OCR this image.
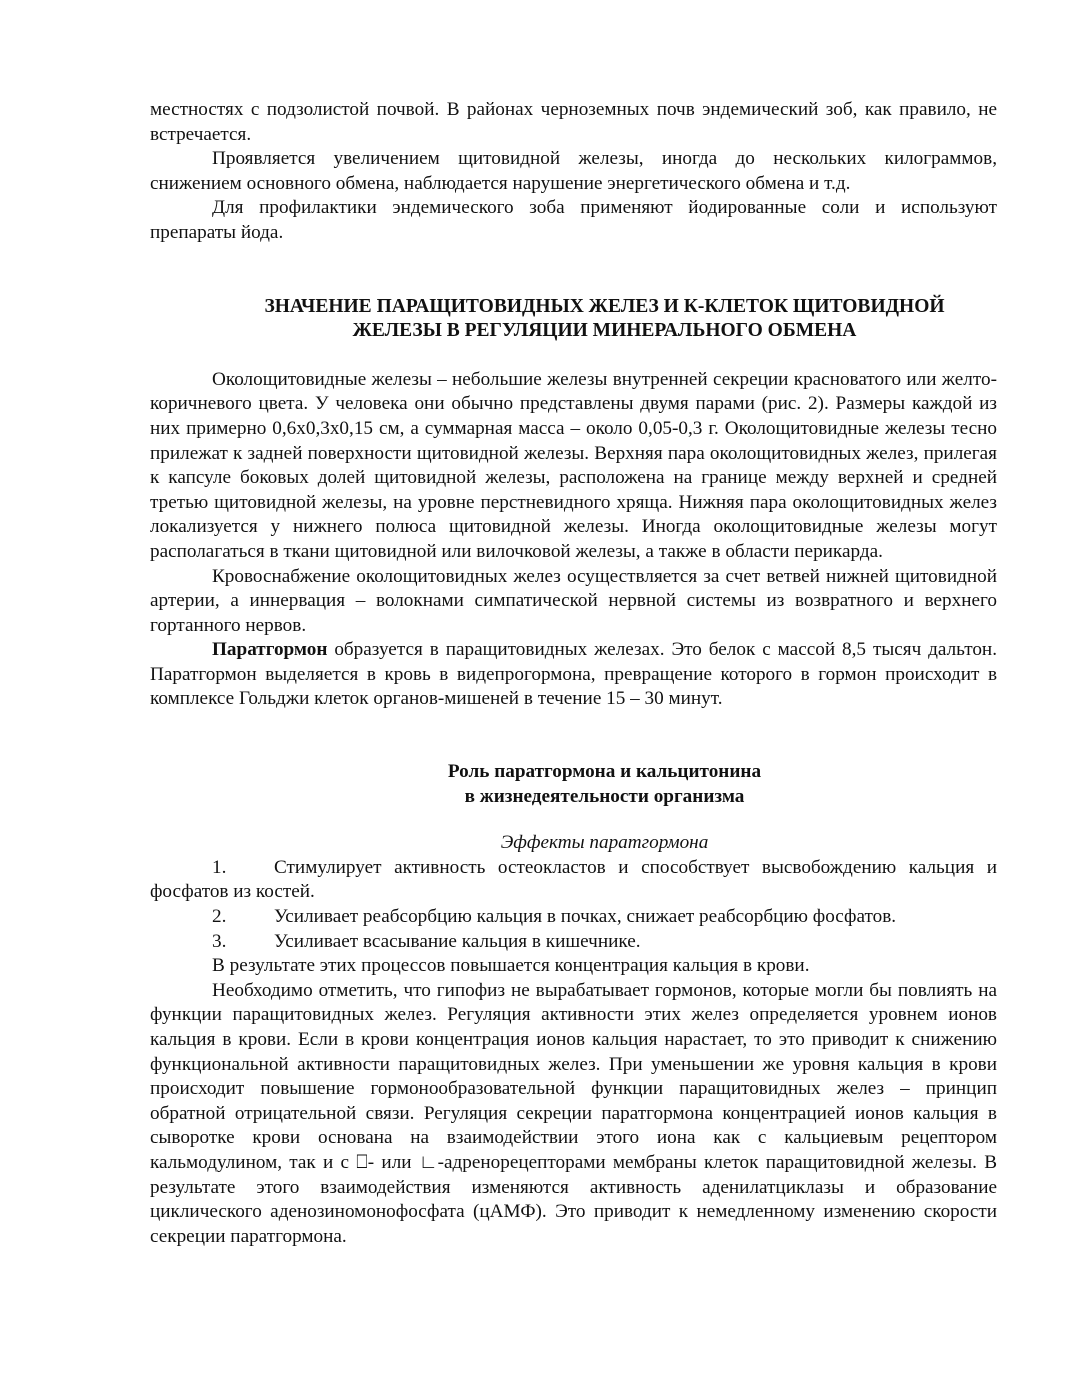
местностях с подзолистой почвой. В районах черноземных почв эндемический зоб, как правило, не встречается.

Проявляется увеличением щитовидной железы, иногда до нескольких килограммов, снижением основного обмена, наблюдается нарушение энергетического обмена и т.д.

Для профилактики эндемического зоба применяют йодированные соли и используют препараты йода.

ЗНАЧЕНИЕ ПАРАЩИТОВИДНЫХ ЖЕЛЕЗ И К-КЛЕТОК ЩИТОВИДНОЙ
ЖЕЛЕЗЫ В РЕГУЛЯЦИИ МИНЕРАЛЬНОГО ОБМЕНА

Околощитовидные железы – небольшие железы внутренней секреции красноватого или желто-коричневого цвета. У человека они обычно представлены двумя парами (рис. 2). Размеры каждой из них примерно 0,6х0,3х0,15 см, а суммарная масса – около 0,05-0,3 г. Околощитовидные железы тесно прилежат к задней поверхности щитовидной железы. Верхняя пара околощитовидных желез, прилегая к капсуле боковых долей щитовидной железы, расположена на границе между верхней и средней третью щитовидной железы, на уровне перстневидного хряща. Нижняя пара околощитовидных желез локализуется у нижнего полюса щитовидной железы. Иногда околощитовидные железы могут располагаться в ткани щитовидной или вилочковой железы, а также в области перикарда.

Кровоснабжение околощитовидных желез осуществляется за счет ветвей нижней щитовидной артерии, а иннервация – волокнами симпатической нервной системы из возвратного и верхнего гортанного нервов.

Паратгормон образуется в паращитовидных железах. Это белок с массой 8,5 тысяч дальтон. Паратгормон выделяется в кровь в видепрогормона, превращение которого в гормон происходит в комплексе Гольджи клеток органов-мишеней в течение 15 – 30 минут.

Роль паратгормона и кальцитонина
в жизнедеятельности организма
Эффекты паратгормона

1. Стимулирует активность остеокластов и способствует высвобождению кальция и фосфатов из костей.

2. Усиливает реабсорбцию кальция в почках, снижает реабсорбцию фосфатов.

3. Усиливает всасывание кальция в кишечнике.

В результате этих процессов повышается концентрация кальция в крови.

Необходимо отметить, что гипофиз не вырабатывает гормонов, которые могли бы повлиять на функции паращитовидных желез. Регуляция активности этих желез определяется уровнем ионов кальция в крови. Если в крови концентрация ионов кальция нарастает, то это приводит к снижению функциональной активности паращитовидных желез. При уменьшении же уровня кальция в крови происходит повышение гормонообразовательной функции паращитовидных желез – принцип обратной отрицательной связи. Регуляция секреции паратгормона концентрацией ионов кальция в сыворотке крови основана на взаимодействии этого иона как с кальциевым рецептором кальмодулином, так и с ⎕- или ∟-адренорецепторами мембраны клеток паращитовидной железы. В результате этого взаимодействия изменяются активность аденилатциклазы и образование циклического аденозиномонофосфата (цАМФ). Это приводит к немедленному изменению скорости секреции паратгормона.
